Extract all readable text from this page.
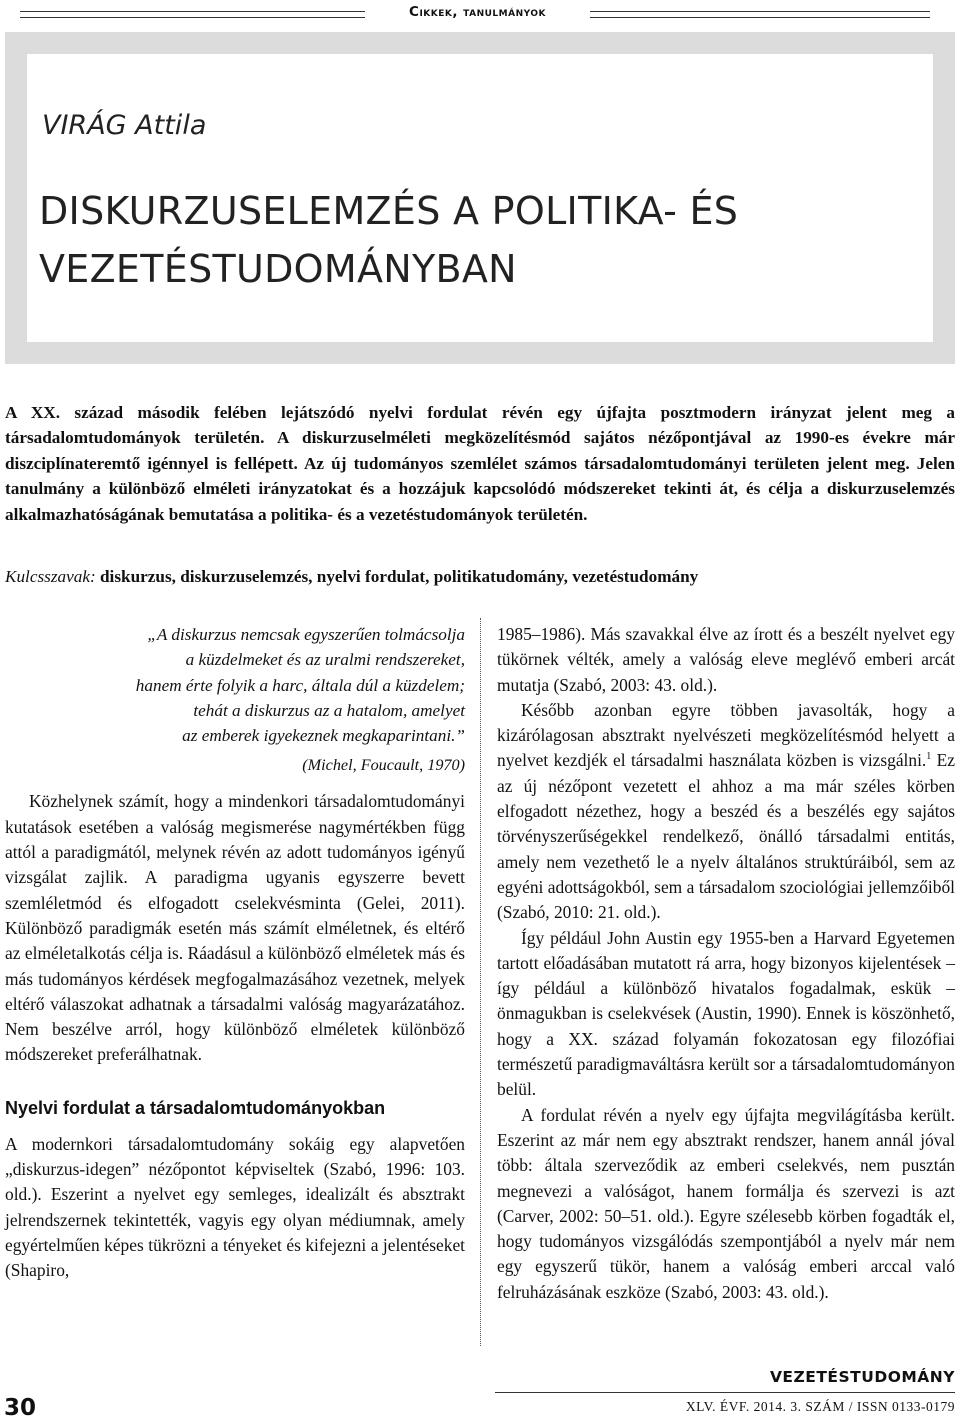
Cikkek, tanulmányok
VIRÁG Attila
DISKURZUSELEMZÉS A POLITIKA- ÉS
VEZETÉSTUDOMÁNYBAN

A XX. század második felében lejátszódó nyelvi fordulat révén egy újfajta posztmodern irányzat jelent meg a társadalomtudományok területén. A diskurzuselméleti megközelítésmód sajátos nézőpontjával az 1990-es évekre már diszciplínateremtő igénnyel is fellépett. Az új tudományos szemlélet számos társadalomtudományi területen jelent meg. Jelen tanulmány a különböző elméleti irányzatokat és a hozzájuk kapcsolódó módszereket tekinti át, és célja a diskurzuselemzés alkalmazhatóságának bemutatása a politika- és a vezetéstudományok területén.

Kulcsszavak: diskurzus, diskurzuselemzés, nyelvi fordulat, politikatudomány, vezetéstudomány
„A diskurzus nemcsak egyszerűen tolmácsolja
a küzdelmeket és az uralmi rendszereket,
hanem érte folyik a harc, általa dúl a küzdelem;
tehát a diskurzus az a hatalom, amelyet
az emberek igyekeznek megkaparintani.”
(Michel, Foucault, 1970)

Közhelynek számít, hogy a mindenkori társadalomtudományi kutatások esetében a valóság megismerése nagymértékben függ attól a paradigmától, melynek révén az adott tudományos igényű vizsgálat zajlik. A paradigma ugyanis egyszerre bevett szemléletmód és elfogadott cselekvésminta (Gelei, 2011). Különböző paradigmák esetén más számít elméletnek, és eltérő az elméletalkotás célja is. Ráadásul a különböző elméletek más és más tudományos kérdések megfogalmazásához vezetnek, melyek eltérő válaszokat adhatnak a társadalmi valóság magyarázatához. Nem beszélve arról, hogy különböző elméletek különböző módszereket preferálhatnak.

Nyelvi fordulat a társadalomtudományokban

A modernkori társadalomtudomány sokáig egy alapvetően „diskurzus-idegen” nézőpontot képviseltek (Szabó, 1996: 103. old.). Eszerint a nyelvet egy semleges, idealizált és absztrakt jelrendszernek tekintették, vagyis egy olyan médiumnak, amely egyértelműen képes tükrözni a tényeket és kifejezni a jelentéseket (Shapiro,

1985–1986). Más szavakkal élve az írott és a beszélt nyelvet egy tükörnek vélték, amely a valóság eleve meglévő emberi arcát mutatja (Szabó, 2003: 43. old.).

Később azonban egyre többen javasolták, hogy a kizárólagosan absztrakt nyelvészeti megközelítésmód helyett a nyelvet kezdjék el társadalmi használata közben is vizsgálni.$^1$ Ez az új nézőpont vezetett el ahhoz a ma már széles körben elfogadott nézethez, hogy a beszéd és a beszélés egy sajátos törvényszerűségekkel rendelkező, önálló társadalmi entitás, amely nem vezethető le a nyelv általános struktúráiból, sem az egyéni adottságokból, sem a társadalom szociológiai jellemzőiből (Szabó, 2010: 21. old.).

Így például John Austin egy 1955-ben a Harvard Egyetemen tartott előadásában mutatott rá arra, hogy bizonyos kijelentések – így például a különböző hivatalos fogadalmak, eskük – önmagukban is cselekvések (Austin, 1990). Ennek is köszönhető, hogy a XX. század folyamán fokozatosan egy filozófiai természetű paradigmaváltásra került sor a társadalomtudományon belül.

A fordulat révén a nyelv egy újfajta megvilágításba került. Eszerint az már nem egy absztrakt rendszer, hanem annál jóval több: általa szerveződik az emberi cselekvés, nem pusztán megnevezi a valóságot, hanem formálja és szervezi is azt (Carver, 2002: 50–51. old.). Egyre szélesebb körben fogadták el, hogy tudományos vizsgálódás szempontjából a nyelv már nem egy egyszerű tükör, hanem a valóság emberi arccal való felruházásának eszköze (Szabó, 2003: 43. old.).

VEZETÉSTUDOMÁNY
XLV. ÉVF. 2014. 3. SZÁM / ISSN 0133-0179
30
